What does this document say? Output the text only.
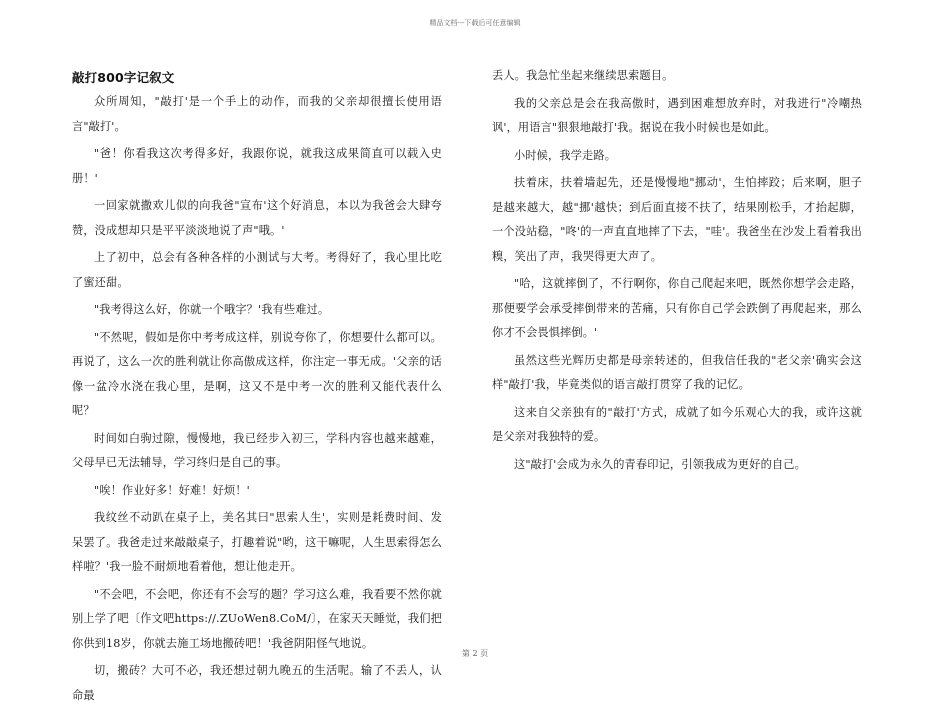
精品文档---下载后可任意编辑
敲打800字记叙文

众所周知，"敲打'是一个手上的动作，而我的父亲却很擅长使用语言"敲打'。

"爸！你看我这次考得多好，我跟你说，就我这成果简直可以载入史册！'

一回家就撒欢儿似的向我爸"宣布'这个好消息，本以为我爸会大肆夸赞，没成想却只是平平淡淡地说了声"哦。'

上了初中，总会有各种各样的小测试与大考。考得好了，我心里比吃了蜜还甜。

"我考得这么好，你就一个哦字？'我有些难过。

"不然呢，假如是你中考考成这样，别说夸你了，你想要什么都可以。再说了，这么一次的胜利就让你高傲成这样，你注定一事无成。'父亲的话像一盆冷水浇在我心里，是啊，这又不是中考一次的胜利又能代表什么呢？

时间如白驹过隙，慢慢地，我已经步入初三，学科内容也越来越难，父母早已无法辅导，学习终归是自己的事。

"唉！作业好多！好难！好烦！'

我纹丝不动趴在桌子上，美名其曰"思索人生'，实则是耗费时间、发呆罢了。我爸走过来敲敲桌子，打趣着说"哟，这干嘛呢，人生思索得怎么样啦？'我一脸不耐烦地看着他，想让他走开。

"不会吧，不会吧，你还有不会写的题？学习这么难，我看要不然你就别上学了吧〔作文吧https://.ZUoWen8.CoM/〕，在家天天睡觉，我们把你供到18岁，你就去施工场地搬砖吧！'我爸阴阳怪气地说。

切，搬砖？大可不必，我还想过朝九晚五的生活呢。输了不丢人，认命最

丢人。我急忙坐起来继续思索题目。

我的父亲总是会在我高傲时，遇到困难想放弃时，对我进行"冷嘲热讽'，用语言"狠狠地敲打'我。据说在我小时候也是如此。

小时候，我学走路。

扶着床，扶着墙起先，还是慢慢地"挪动'，生怕摔跤；后来啊，胆子是越来越大，越"挪'越快；到后面直接不扶了，结果刚松手，才抬起脚，一个没站稳，"咚'的一声直直地摔了下去，"哇'。我爸坐在沙发上看着我出糗，笑出了声，我哭得更大声了。

"哈，这就摔倒了，不行啊你，你自己爬起来吧，既然你想学会走路，那便要学会承受摔倒带来的苦痛，只有你自己学会跌倒了再爬起来，那么你才不会畏惧摔倒。'

虽然这些光辉历史都是母亲转述的，但我信任我的"老父亲'确实会这样"敲打'我，毕竟类似的语言敲打贯穿了我的记忆。

这来自父亲独有的"敲打'方式，成就了如今乐观心大的我，或许这就是父亲对我独特的爱。

这"敲打'会成为永久的青春印记，引领我成为更好的自己。

第 2 页
